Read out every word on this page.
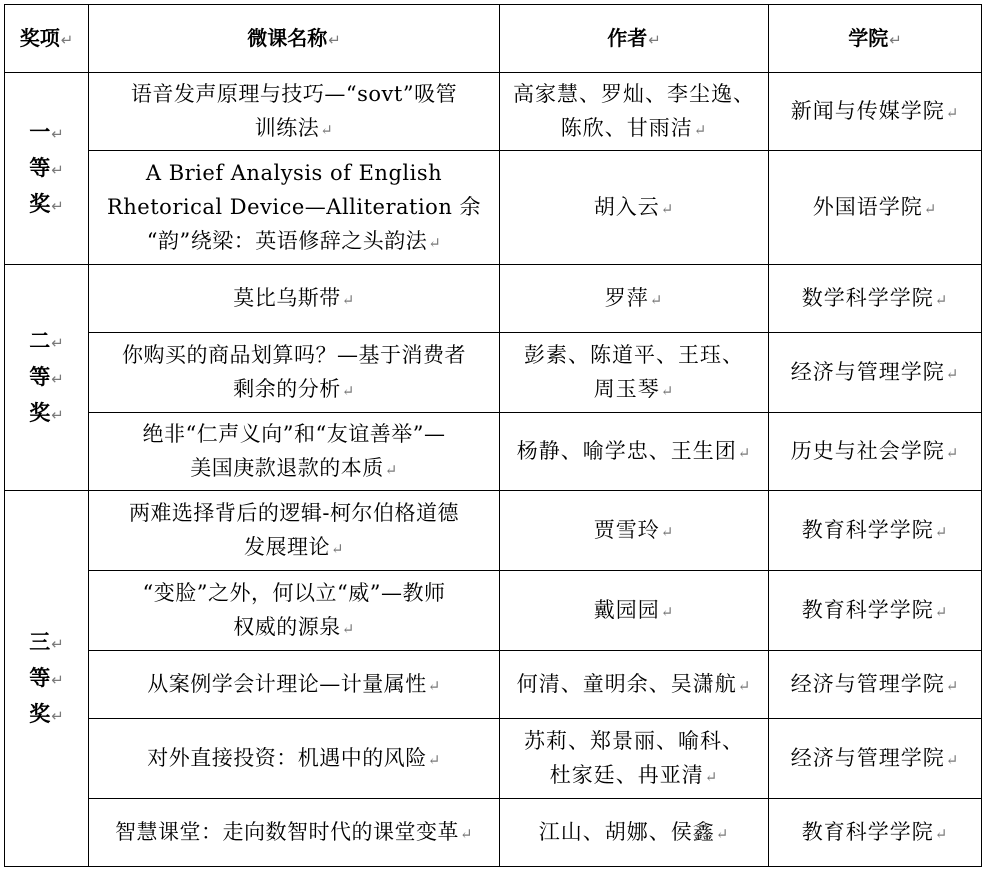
奖项↵	微课名称↵	作者↵	学院↵

一↵
等↵
奖↵	语音发声原理与技巧—“sovt”吸管
训练法↵	高家慧、罗灿、李尘逸、
陈欣、甘雨洁↵	新闻与传媒学院↵

	A Brief Analysis of English
Rhetorical Device—Alliteration 余
“韵”绕梁：英语修辞之头韵法↵	胡入云↵	外国语学院↵

二↵
等↵
奖↵	莫比乌斯带↵	罗萍↵	数学科学学院↵

	你购买的商品划算吗？—基于消费者
剩余的分析↵	彭素、陈道平、王珏、
周玉琴↵	经济与管理学院↵

	绝非“仁声义向”和“友谊善举”—
美国庚款退款的本质↵	杨静、喻学忠、王生团↵	历史与社会学院↵

三↵
等↵
奖↵	两难选择背后的逻辑-柯尔伯格道德
发展理论↵	贾雪玲↵	教育科学学院↵

	“变脸”之外，何以立“威”—教师
权威的源泉↵	戴园园↵	教育科学学院↵

	从案例学会计理论—计量属性↵	何清、童明余、吴潇航↵	经济与管理学院↵

	对外直接投资：机遇中的风险↵	苏莉、郑景丽、喻科、
杜家廷、冉亚清↵	经济与管理学院↵

	智慧课堂：走向数智时代的课堂变革↵	江山、胡娜、侯鑫↵	教育科学学院↵
